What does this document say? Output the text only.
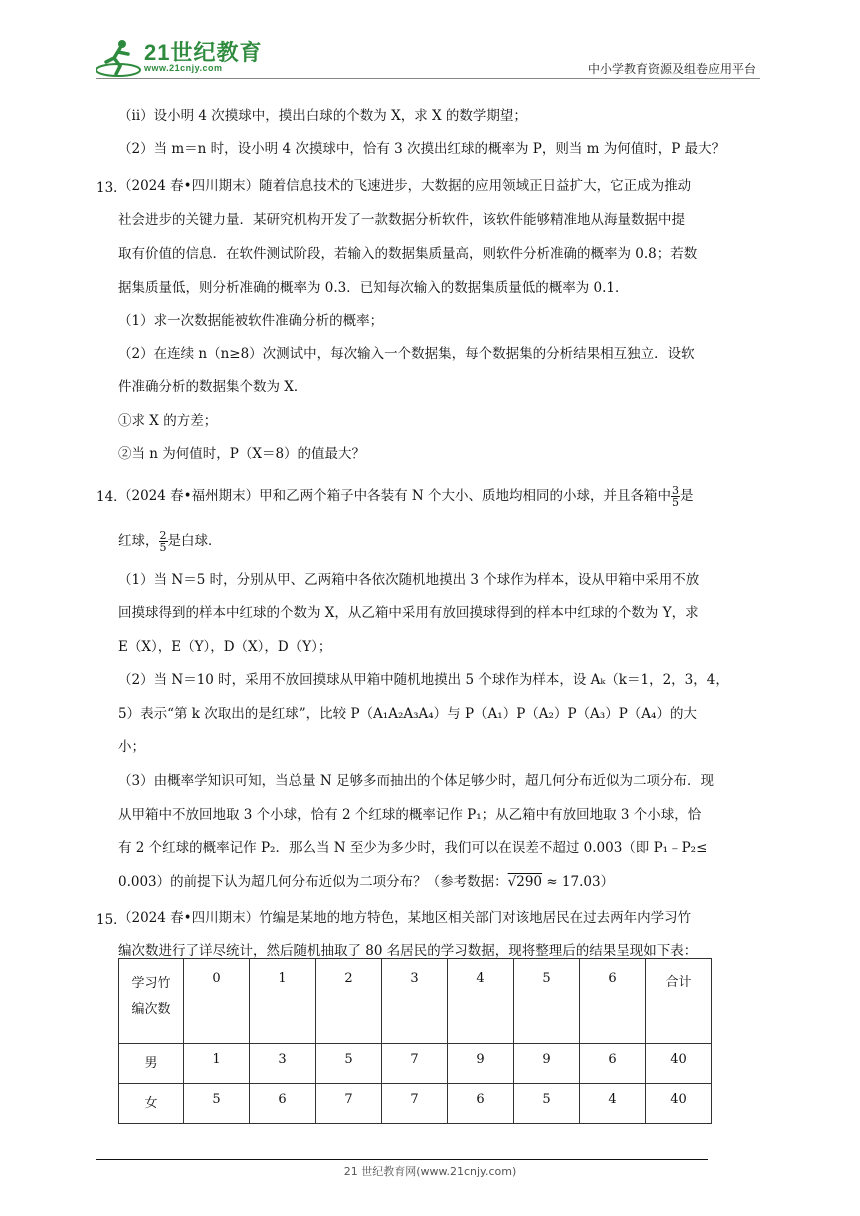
21世纪教育
www.21cnjy.com	中小学教育资源及组卷应用平台
（ii）设小明 4 次摸球中，摸出白球的个数为 X，求 X 的数学期望；
（2）当 m＝n 时，设小明 4 次摸球中，恰有 3 次摸出红球的概率为 P，则当 m 为何值时，P 最大？
13．
（2024 春•四川期末）随着信息技术的飞速进步，大数据的应用领域正日益扩大，它正成为推动
社会进步的关键力量．某研究机构开发了一款数据分析软件，该软件能够精准地从海量数据中提
取有价值的信息．在软件测试阶段，若输入的数据集质量高，则软件分析准确的概率为 0.8；若数
据集质量低，则分析准确的概率为 0.3．已知每次输入的数据集质量低的概率为 0.1．
（1）求一次数据能被软件准确分析的概率；
（2）在连续 n（n≥8）次测试中，每次输入一个数据集，每个数据集的分析结果相互独立．设软
件准确分析的数据集个数为 X．
①求 X 的方差；
②当 n 为何值时，P（X＝8）的值最大？
14．
（2024 春•福州期末）甲和乙两个箱子中各装有 N 个大小、质地均相同的小球，并且各箱中 $\frac{3}{5}$ 是
红球， $\frac{2}{5}$ 是白球．
（1）当 N＝5 时，分别从甲、乙两箱中各依次随机地摸出 3 个球作为样本，设从甲箱中采用不放
回摸球得到的样本中红球的个数为 X，从乙箱中采用有放回摸球得到的样本中红球的个数为 Y，求
E（X），E（Y），D（X），D（Y）；
（2）当 N＝10 时，采用不放回摸球从甲箱中随机地摸出 5 个球作为样本，设 Aₖ（k＝1，2，3，4，
5）表示“第 k 次取出的是红球”，比较 P（A₁A₂A₃A₄）与 P（A₁）P（A₂）P（A₃）P（A₄）的大
小；
（3）由概率学知识可知，当总量 N 足够多而抽出的个体足够少时，超几何分布近似为二项分布．现
从甲箱中不放回地取 3 个小球，恰有 2 个红球的概率记作 P₁；从乙箱中有放回地取 3 个小球，恰
有 2 个红球的概率记作 P₂．那么当 N 至少为多少时，我们可以在误差不超过 0.003（即 P₁﹣P₂≤
0.003）的前提下认为超几何分布近似为二项分布？（参考数据：√290 ≈ 17.03）
15．
（2024 春•四川期末）竹编是某地的地方特色，某地区相关部门对该地居民在过去两年内学习竹
编次数进行了详尽统计，然后随机抽取了 80 名居民的学习数据，现将整理后的结果呈现如下表：
学习竹
编次数	0	1	2	3	4	5	6	合计
男	1	3	5	7	9	9	6	40
女	5	6	7	7	6	5	4	40
21 世纪教育网(www.21cnjy.com)
